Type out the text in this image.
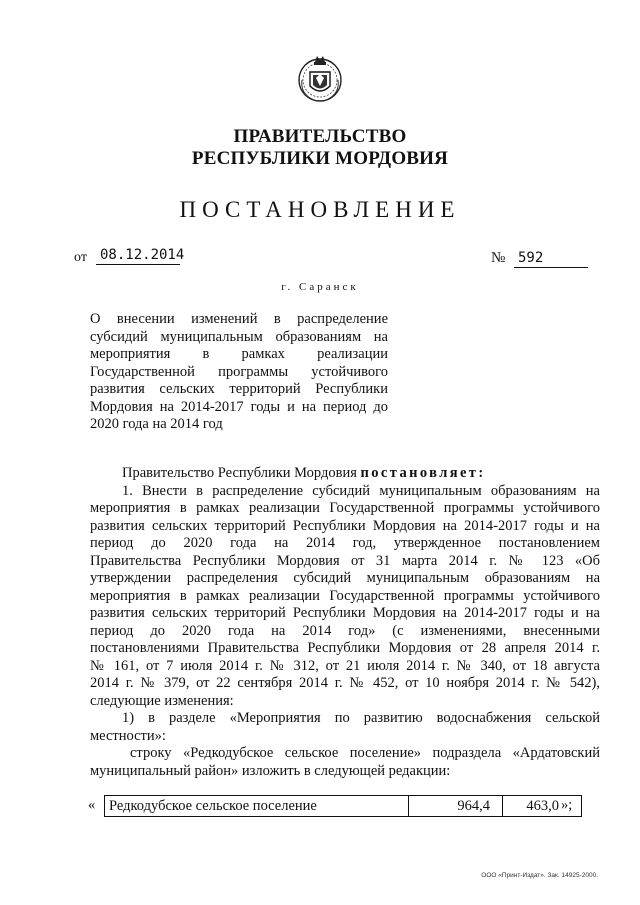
ПРАВИТЕЛЬСТВО
РЕСПУБЛИКИ МОРДОВИЯ
ПОСТАНОВЛЕНИЕ
от 08.12.2014	№ 592
г. Саранск
О внесении изменений в распределение
субсидий муниципальным образованиям на
мероприятия в рамках реализации
Государственной программы устойчивого
развития сельских территорий Республики
Мордовия на 2014-2017 годы и на период до
2020 года на 2014 год
Правительство Республики Мордовия постановляет:
1. Внести в распределение субсидий муниципальным образованиям на
мероприятия в рамках реализации Государственной программы устойчивого
развития сельских территорий Республики Мордовия на 2014-2017 годы и на
период до 2020 года на 2014 год, утвержденное постановлением
Правительства Республики Мордовия от 31 марта 2014 г. № 123 «Об
утверждении распределения субсидий муниципальным образованиям на
мероприятия в рамках реализации Государственной программы устойчивого
развития сельских территорий Республики Мордовия на 2014-2017 годы и на
период до 2020 года на 2014 год» (с изменениями, внесенными
постановлениями Правительства Республики Мордовия от 28 апреля 2014 г.
№ 161, от 7 июля 2014 г. № 312, от 21 июля 2014 г. № 340, от 18 августа
2014 г. № 379, от 22 сентября 2014 г. № 452, от 10 ноября 2014 г. № 542),
следующие изменения:
1) в разделе «Мероприятия по развитию водоснабжения сельской
местности»:
строку «Редкодубское сельское поселение» подраздела «Ардатовский
муниципальный район» изложить в следующей редакции:
« Редкодубское сельское поселение	964,4	463,0 »;
ООО «Принт-Издат». Зак. 14925-2000.
